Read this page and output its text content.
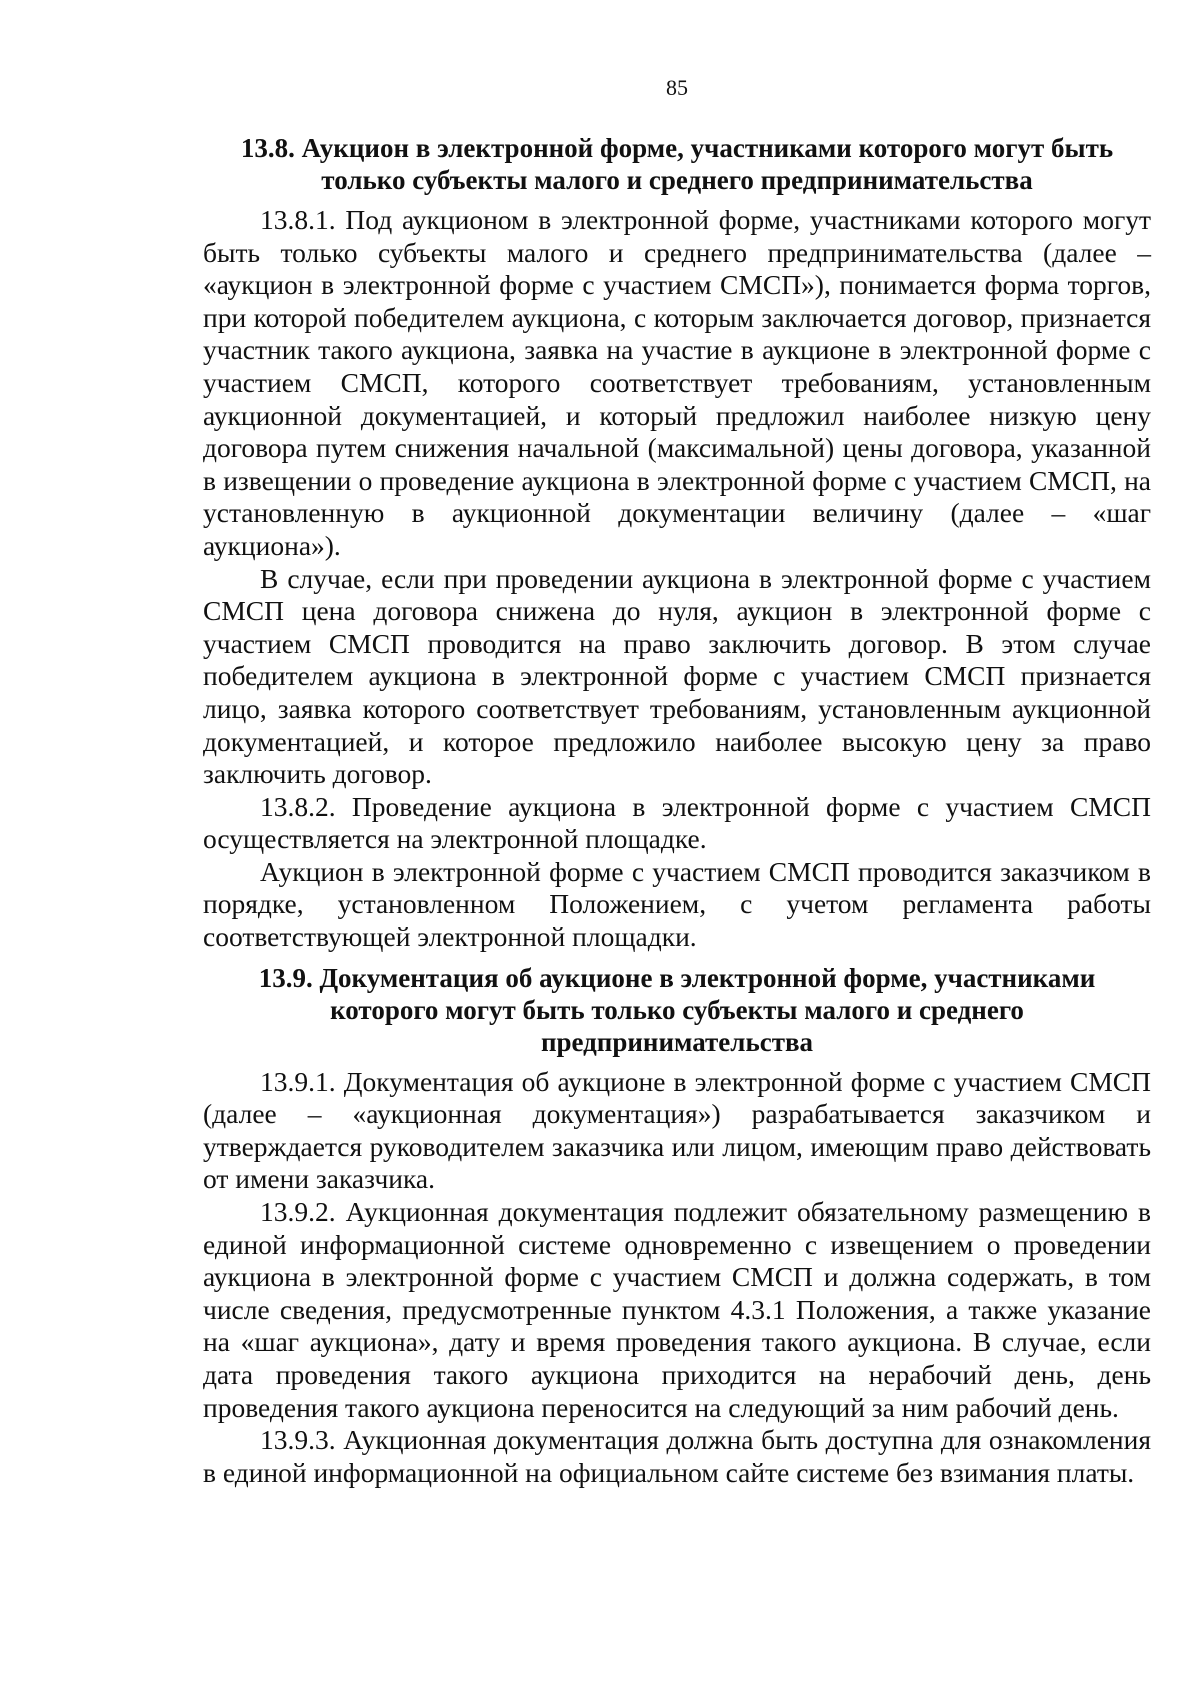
85
13.8. Аукцион в электронной форме, участниками которого могут быть
только субъекты малого и среднего предпринимательства

13.8.1. Под аукционом в электронной форме, участниками которого могут быть только субъекты малого и среднего предпринимательства (далее – «аукцион в электронной форме с участием СМСП»), понимается форма торгов, при которой победителем аукциона, с которым заключается договор, признается участник такого аукциона, заявка на участие в аукционе в электронной форме с участием СМСП, которого соответствует требованиям, установленным аукционной документацией, и который предложил наиболее низкую цену договора путем снижения начальной (максимальной) цены договора, указанной в извещении о проведение аукциона в электронной форме с участием СМСП, на установленную в аукционной документации величину (далее – «шаг аукциона»).

В случае, если при проведении аукциона в электронной форме с участием СМСП цена договора снижена до нуля, аукцион в электронной форме с участием СМСП проводится на право заключить договор. В этом случае победителем аукциона в электронной форме с участием СМСП признается лицо, заявка которого соответствует требованиям, установленным аукционной документацией, и которое предложило наиболее высокую цену за право заключить договор.

13.8.2. Проведение аукциона в электронной форме с участием СМСП осуществляется на электронной площадке.

Аукцион в электронной форме с участием СМСП проводится заказчиком в порядке, установленном Положением, с учетом регламента работы соответствующей электронной площадки.

13.9. Документация об аукционе в электронной форме, участниками
которого могут быть только субъекты малого и среднего
предпринимательства

13.9.1. Документация об аукционе в электронной форме с участием СМСП (далее – «аукционная документация») разрабатывается заказчиком и утверждается руководителем заказчика или лицом, имеющим право действовать от имени заказчика.

13.9.2. Аукционная документация подлежит обязательному размещению в единой информационной системе одновременно с извещением о проведении аукциона в электронной форме с участием СМСП и должна содержать, в том числе сведения, предусмотренные пунктом 4.3.1 Положения, а также указание на «шаг аукциона», дату и время проведения такого аукциона. В случае, если дата проведения такого аукциона приходится на нерабочий день, день проведения такого аукциона переносится на следующий за ним рабочий день.

13.9.3. Аукционная документация должна быть доступна для ознакомления в единой информационной на официальном сайте системе без взимания платы.
